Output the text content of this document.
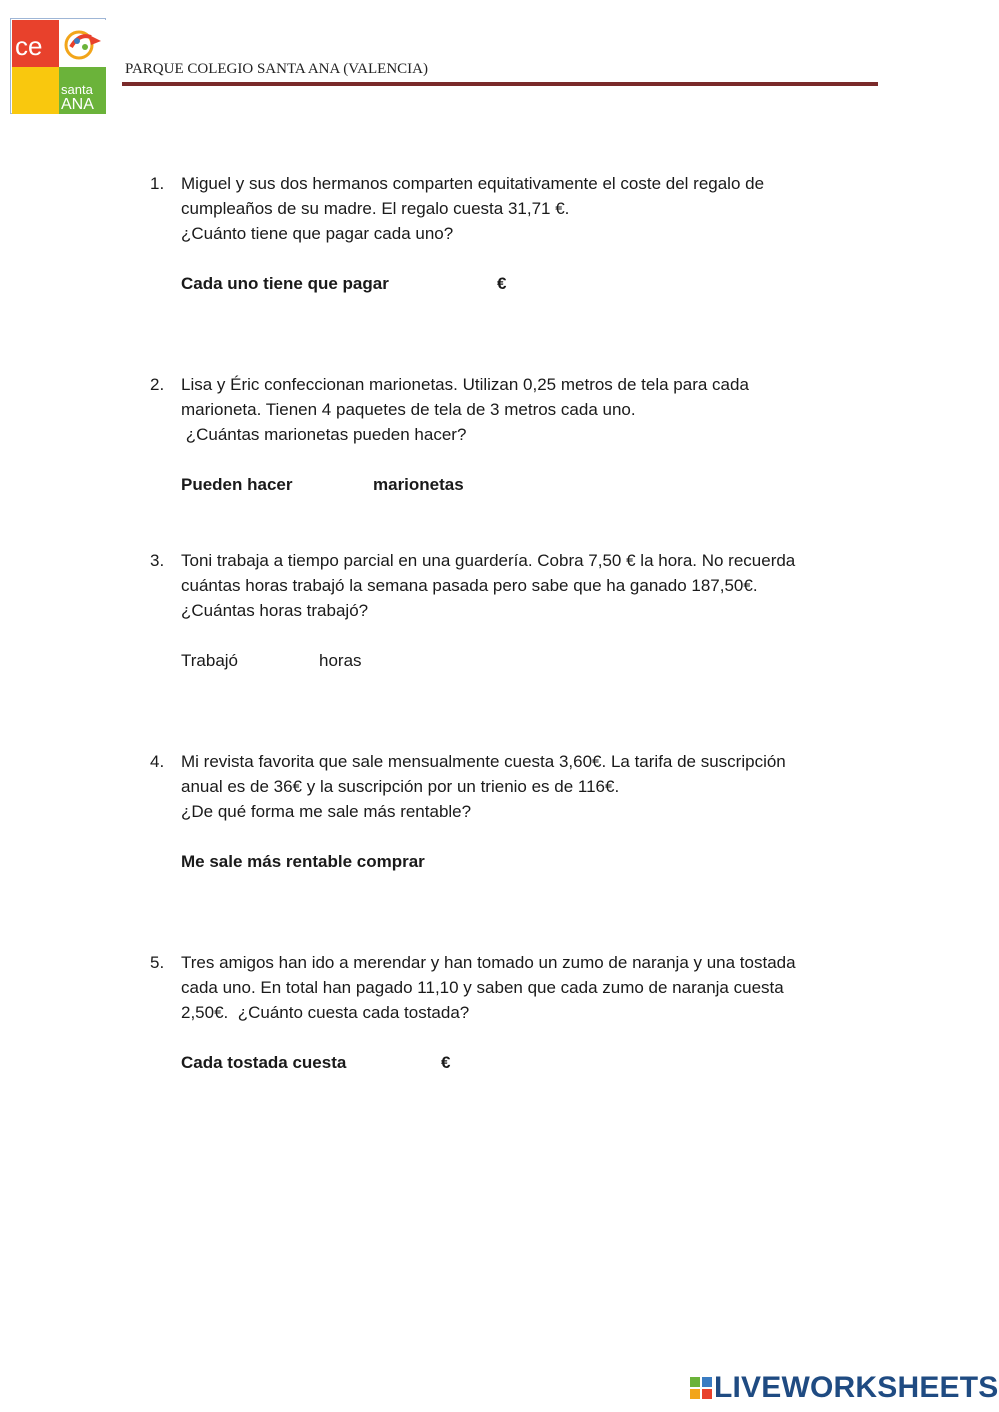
ce
santa
ANA
PARQUE COLEGIO SANTA ANA (VALENCIA)
1. Miguel y sus dos hermanos comparten equitativamente el coste del regalo de
cumpleaños de su madre. El regalo cuesta 31,71 €.
¿Cuánto tiene que pagar cada uno?
Cada uno tiene que pagar	€
2. Lisa y Éric confeccionan marionetas. Utilizan 0,25 metros de tela para cada
marioneta. Tienen 4 paquetes de tela de 3 metros cada uno.
¿Cuántas marionetas pueden hacer?
Pueden hacer	marionetas
3. Toni trabaja a tiempo parcial en una guardería. Cobra 7,50 € la hora. No recuerda
cuántas horas trabajó la semana pasada pero sabe que ha ganado 187,50€.
¿Cuántas horas trabajó?
Trabajó	horas
4. Mi revista favorita que sale mensualmente cuesta 3,60€. La tarifa de suscripción
anual es de 36€ y la suscripción por un trienio es de 116€.
¿De qué forma me sale más rentable?
Me sale más rentable comprar
5. Tres amigos han ido a merendar y han tomado un zumo de naranja y una tostada
cada uno. En total han pagado 11,10 y saben que cada zumo de naranja cuesta
2,50€.  ¿Cuánto cuesta cada tostada?
Cada tostada cuesta	€
LIVEWORKSHEETS
